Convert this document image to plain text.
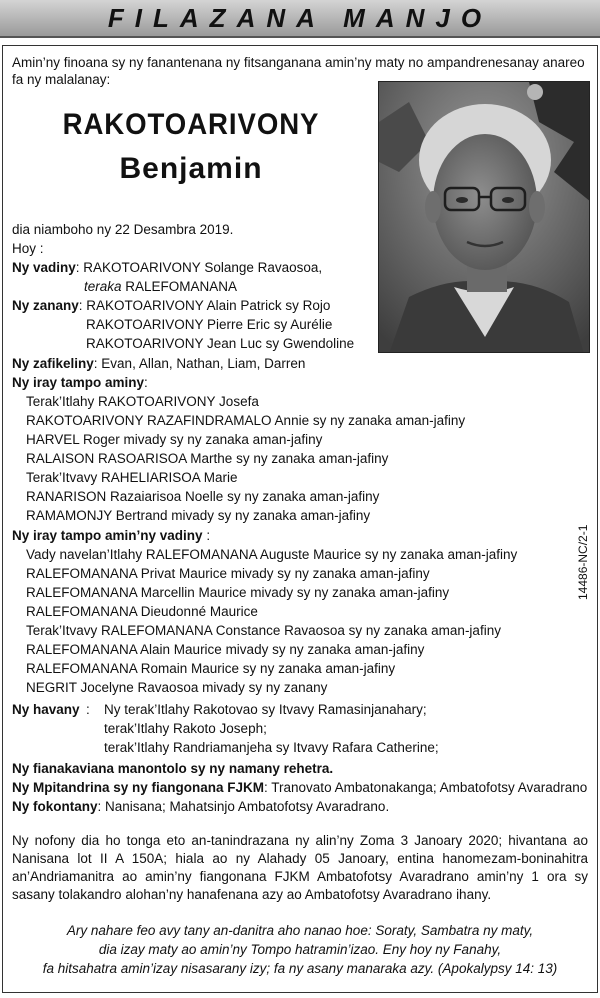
FILAZANA MANJO
Amin’ny finoana sy ny fanantenana ny fitsanganana amin’ny maty no ampandrenesanay anareo fa ny malalanay:
RAKOTOARIVONY
Benjamin
dia niamboho ny 22 Desambra 2019.
Hoy :
Ny vadiny: RAKOTOARIVONY Solange Ravaosoa,
teraka RALEFOMANANA
Ny zanany: RAKOTOARIVONY Alain Patrick sy Rojo
RAKOTOARIVONY Pierre Eric sy Aurélie
RAKOTOARIVONY Jean Luc sy Gwendoline
Ny zafikeliny: Evan, Allan, Nathan, Liam, Darren
Ny iray tampo aminy:
Terak’Itlahy RAKOTOARIVONY Josefa
RAKOTOARIVONY RAZAFINDRAMALO Annie sy ny zanaka aman-jafiny
HARVEL Roger mivady sy ny zanaka aman-jafiny
RALAISON RASOARISOA Marthe sy ny zanaka aman-jafiny
Terak’Itvavy RAHELIARISOA Marie
RANARISON Razaiarisoa Noelle sy ny zanaka aman-jafiny
RAMAMONJY Bertrand mivady sy ny zanaka aman-jafiny
Ny iray tampo amin’ny vadiny :
Vady navelan’Itlahy RALEFOMANANA Auguste Maurice sy ny zanaka aman-jafiny
RALEFOMANANA Privat Maurice mivady sy ny zanaka aman-jafiny
RALEFOMANANA Marcellin Maurice mivady sy ny zanaka aman-jafiny
RALEFOMANANA Dieudonné Maurice
Terak’Itvavy RALEFOMANANA Constance Ravaosoa sy ny zanaka aman-jafiny
RALEFOMANANA Alain Maurice mivady sy ny zanaka aman-jafiny
RALEFOMANANA Romain Maurice sy ny zanaka aman-jafiny
NEGRIT Jocelyne Ravaosoa mivady sy ny zanany
Ny havany : Ny terak’Itlahy Rakotovao sy Itvavy Ramasinjanahary;
terak’Itlahy Rakoto Joseph;
terak’Itlahy Randriamanjeha sy Itvavy Rafara Catherine;
Ny fianakaviana manontolo sy ny namany rehetra.
Ny Mpitandrina sy ny fiangonana FJKM: Tranovato Ambatonakanga; Ambatofotsy Avaradrano
Ny fokontany: Nanisana; Mahatsinjo Ambatofotsy Avaradrano.
Ny nofony dia ho tonga eto an-tanindrazana ny alin’ny Zoma 3 Janoary 2020; hivantana ao Nanisana lot II A 150A; hiala ao ny Alahady 05 Janoary, entina hanomezam-boninahitra an’Andriamanitra ao amin’ny fiangonana FJKM Ambatofotsy Avaradrano amin’ny 1 ora sy sasany tolakandro alohan’ny hanafenana azy ao Ambatofotsy Avaradrano ihany.
Ary nahare feo avy tany an-danitra aho nanao hoe: Soraty, Sambatra ny maty,
dia izay maty ao amin’ny Tompo hatramin’izao. Eny hoy ny Fanahy,
fa hitsahatra amin’izay nisasarany izy; fa ny asany manaraka azy. (Apokalypsy 14: 13)
14486-NC/2-1
